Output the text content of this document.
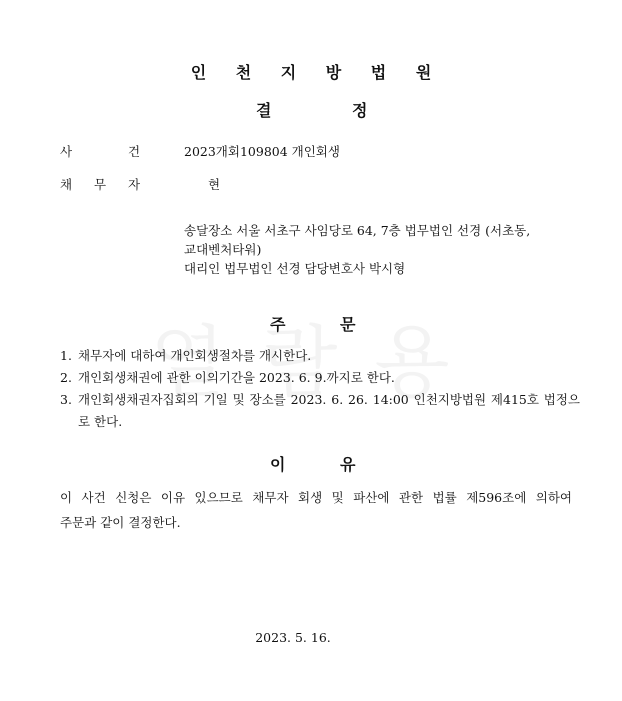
인 천 지 방 법 원
결	정
사	건	2023개회109804 개인회생
채 무 자	현
송달장소 서울 서초구 사임당로 64, 7층 법무법인 선경 (서초동,
교대벤처타워)
대리인 법무법인 선경 담당변호사 박시형
주	문
1. 채무자에 대하여 개인회생절차를 개시한다.
2. 개인회생채권에 관한 이의기간을 2023. 6. 9.까지로 한다.
3. 개인회생채권자집회의 기일 및 장소를 2023. 6. 26. 14:00 인천지방법원 제415호 법정으로 한다.
이	유
이 사건 신청은 이유 있으므로 채무자 회생 및 파산에 관한 법률 제596조에 의하여
주문과 같이 결정한다.
2023. 5. 16.
